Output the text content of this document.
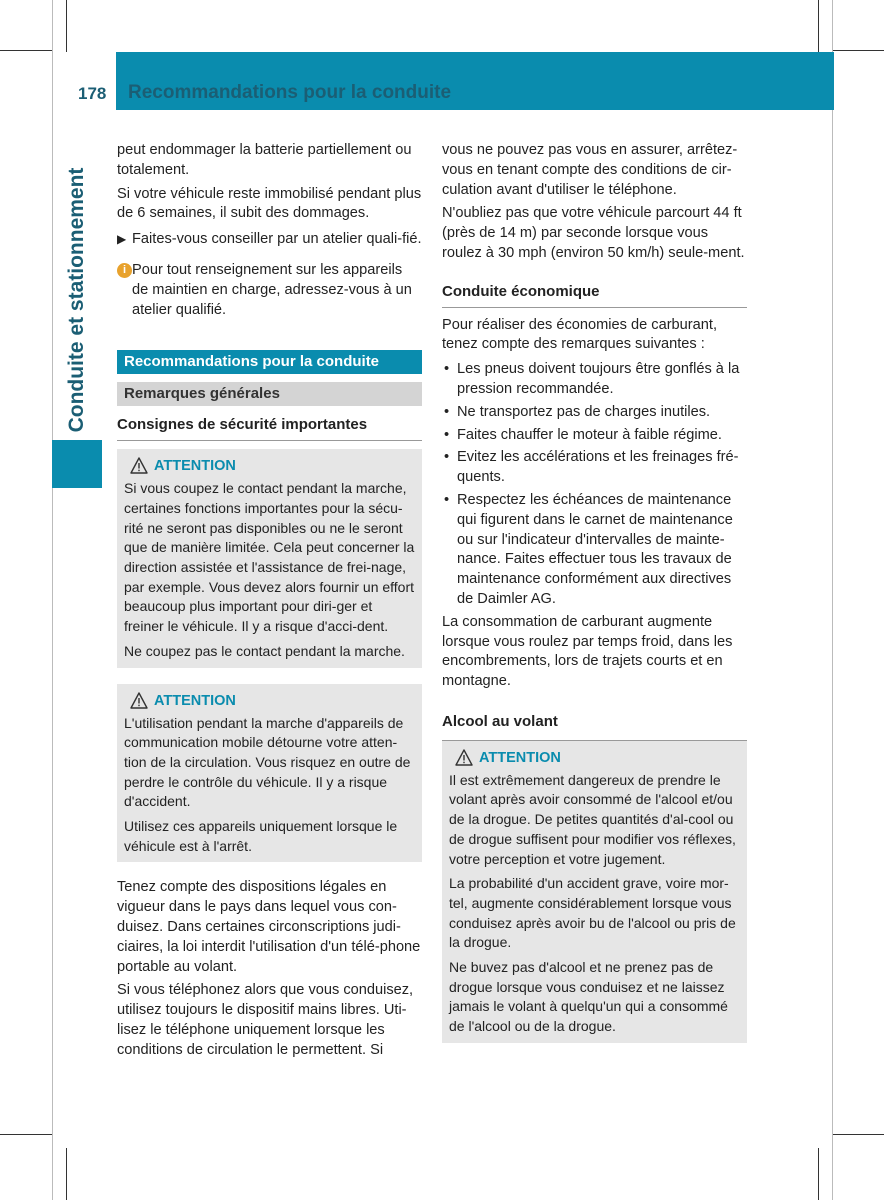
178 Recommandations pour la conduite
Conduite et stationnement

peut endommager la batterie partiellement ou totalement.

Si votre véhicule reste immobilisé pendant plus de 6 semaines, il subit des dommages.

▶ Faites-vous conseiller par un atelier quali-fié.
i Pour tout renseignement sur les appareils de maintien en charge, adressez-vous à un atelier qualifié.
Recommandations pour la conduite
Remarques générales
Consignes de sécurité importantes
ATTENTION

Si vous coupez le contact pendant la marche, certaines fonctions importantes pour la sécu-rité ne seront pas disponibles ou ne le seront que de manière limitée. Cela peut concerner la direction assistée et l'assistance de frei-nage, par exemple. Vous devez alors fournir un effort beaucoup plus important pour diri-ger et freiner le véhicule. Il y a risque d'acci-dent.

Ne coupez pas le contact pendant la marche.

ATTENTION

L'utilisation pendant la marche d'appareils de communication mobile détourne votre atten-tion de la circulation. Vous risquez en outre de perdre le contrôle du véhicule. Il y a risque d'accident.

Utilisez ces appareils uniquement lorsque le véhicule est à l'arrêt.

Tenez compte des dispositions légales en vigueur dans le pays dans lequel vous con-duisez. Dans certaines circonscriptions judi-ciaires, la loi interdit l'utilisation d'un télé-phone portable au volant.

Si vous téléphonez alors que vous conduisez, utilisez toujours le dispositif mains libres. Uti-lisez le téléphone uniquement lorsque les conditions de circulation le permettent. Si

vous ne pouvez pas vous en assurer, arrêtez-vous en tenant compte des conditions de cir-culation avant d'utiliser le téléphone.

N'oubliez pas que votre véhicule parcourt 44 ft (près de 14 m) par seconde lorsque vous roulez à 30 mph (environ 50 km/h) seule-ment.

Conduite économique

Pour réaliser des économies de carburant, tenez compte des remarques suivantes :

• Les pneus doivent toujours être gonflés à la pression recommandée.
• Ne transportez pas de charges inutiles.
• Faites chauffer le moteur à faible régime.
• Evitez les accélérations et les freinages fré-quents.
• Respectez les échéances de maintenance qui figurent dans le carnet de maintenance ou sur l'indicateur d'intervalles de mainte-nance. Faites effectuer tous les travaux de maintenance conformément aux directives de Daimler AG.

La consommation de carburant augmente lorsque vous roulez par temps froid, dans les encombrements, lors de trajets courts et en montagne.

Alcool au volant
ATTENTION

Il est extrêmement dangereux de prendre le volant après avoir consommé de l'alcool et/ou de la drogue. De petites quantités d'al-cool ou de drogue suffisent pour modifier vos réflexes, votre perception et votre jugement.

La probabilité d'un accident grave, voire mor-tel, augmente considérablement lorsque vous conduisez après avoir bu de l'alcool ou pris de la drogue.

Ne buvez pas d'alcool et ne prenez pas de drogue lorsque vous conduisez et ne laissez jamais le volant à quelqu'un qui a consommé de l'alcool ou de la drogue.
